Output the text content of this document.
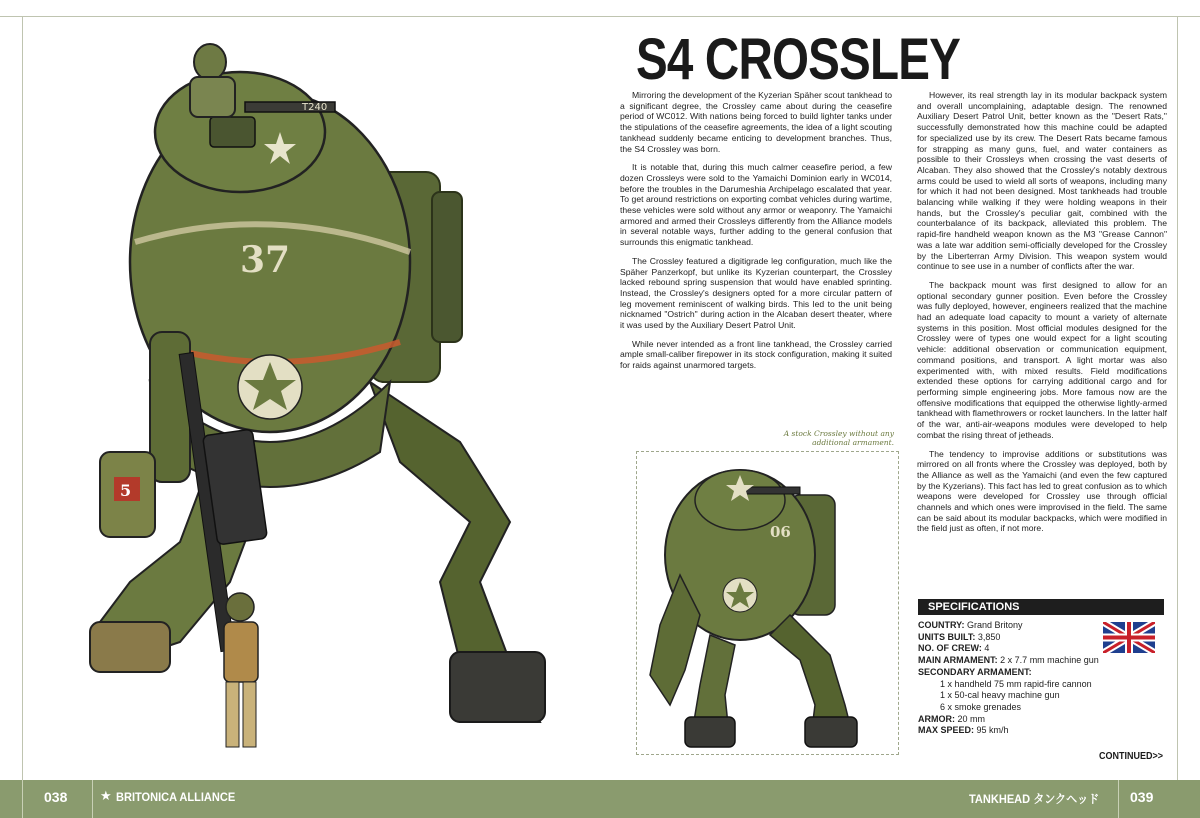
T240
37
5
S4 CROSSLEY

Mirroring the development of the Kyzerian Späher scout tankhead to a significant degree, the Crossley came about during the ceasefire period of WC012. With nations being forced to build lighter tanks under the stipulations of the ceasefire agreements, the idea of a light scouting tankhead suddenly became enticing to development branches. Thus, the S4 Crossley was born.

It is notable that, during this much calmer ceasefire period, a few dozen Crossleys were sold to the Yamaichi Dominion early in WC014, before the troubles in the Darumeshia Archipelago escalated that year. To get around restrictions on exporting combat vehicles during wartime, these vehicles were sold without any armor or weaponry. The Yamaichi armored and armed their Crossleys differently from the Alliance models in several notable ways, further adding to the general confusion that surrounds this enigmatic tankhead.

The Crossley featured a digitigrade leg configuration, much like the Späher Panzerkopf, but unlike its Kyzerian counterpart, the Crossley lacked rebound spring suspension that would have enabled sprinting. Instead, the Crossley's designers opted for a more circular pattern of leg movement reminiscent of walking birds. This led to the unit being nicknamed "Ostrich" during action in the Alcaban desert theater, where it was used by the Auxiliary Desert Patrol Unit.

While never intended as a front line tankhead, the Crossley carried ample small-caliber firepower in its stock configuration, making it suited for raids against unarmored targets.

However, its real strength lay in its modular backpack system and overall uncomplaining, adaptable design. The renowned Auxiliary Desert Patrol Unit, better known as the "Desert Rats," successfully demonstrated how this machine could be adapted for specialized use by its crew. The Desert Rats became famous for strapping as many guns, fuel, and water containers as possible to their Crossleys when crossing the vast deserts of Alcaban. They also showed that the Crossley's notably dextrous arms could be used to wield all sorts of weapons, including many for which it had not been designed. Most tankheads had trouble balancing while walking if they were holding weapons in their hands, but the Crossley's peculiar gait, combined with the counterbalance of its backpack, alleviated this problem. The rapid-fire handheld weapon known as the M3 "Grease Cannon" was a late war addition semi-officially developed for the Crossley by the Liberterran Army Division. This weapon system would continue to see use in a number of conflicts after the war.

The backpack mount was first designed to allow for an optional secondary gunner position. Even before the Crossley was fully deployed, however, engineers realized that the machine had an adequate load capacity to mount a variety of alternate systems in this position. Most official modules designed for the Crossley were of types one would expect for a light scouting vehicle: additional observation or communication equipment, command positions, and transport. A light mortar was also experimented with, with mixed results. Field modifications extended these options for carrying additional cargo and for performing simple engineering jobs. More famous now are the offensive modifications that equipped the otherwise lightly-armed tankhead with flamethrowers or rocket launchers. In the latter half of the war, anti-air-weapons modules were developed to help combat the rising threat of jetheads.

The tendency to improvise additions or substitutions was mirrored on all fronts where the Crossley was deployed, both by the Alliance as well as the Yamaichi (and even the few captured by the Kyzerians). This fact has led to great confusion as to which weapons were developed for Crossley use through official channels and which ones were improvised in the field. The same can be said about its modular backpacks, which were modified in the field just as often, if not more.

A stock Crossley without any additional armament.
06
SPECIFICATIONS
COUNTRY: Grand Britony
UNITS BUILT: 3,850
NO. OF CREW: 4
MAIN ARMAMENT: 2 x 7.7 mm machine gun
SECONDARY ARMAMENT:
1 x handheld 75 mm rapid-fire cannon
1 x 50-cal heavy machine gun
6 x smoke grenades
ARMOR: 20 mm
MAX SPEED: 95 km/h
CONTINUED>>
038	★ BRITONICA ALLIANCE	TANKHEAD タンクヘッド 039
